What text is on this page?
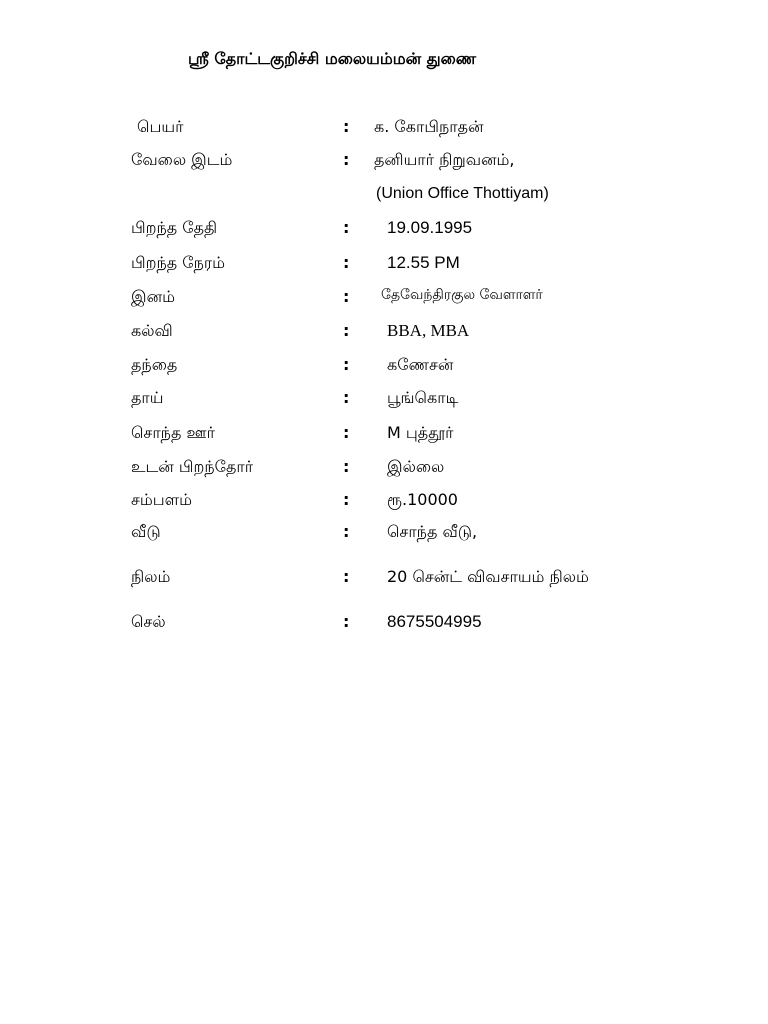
ஸ்ரீ தோட்டகுறிச்சி மலையம்மன் துணை
பெயர்	: க. கோபிநாதன்
வேலை இடம்	: தனியார் நிறுவனம்,
(Union Office Thottiyam)
பிறந்த தேதி	: 19.09.1995
பிறந்த நேரம்	: 12.55 PM
இனம்	: தேவேந்திரகுல வேளாளர்
கல்வி	: BBA, MBA
தந்தை	: கணேசன்
தாய்	: பூங்கொடி
சொந்த ஊர்	: M புத்தூர்
உடன் பிறந்தோர்	: இல்லை
சம்பளம்	: ரூ.10000
வீடு	: சொந்த வீடு,
நிலம்	: 20 சென்ட் விவசாயம் நிலம்
செல்	: 8675504995
